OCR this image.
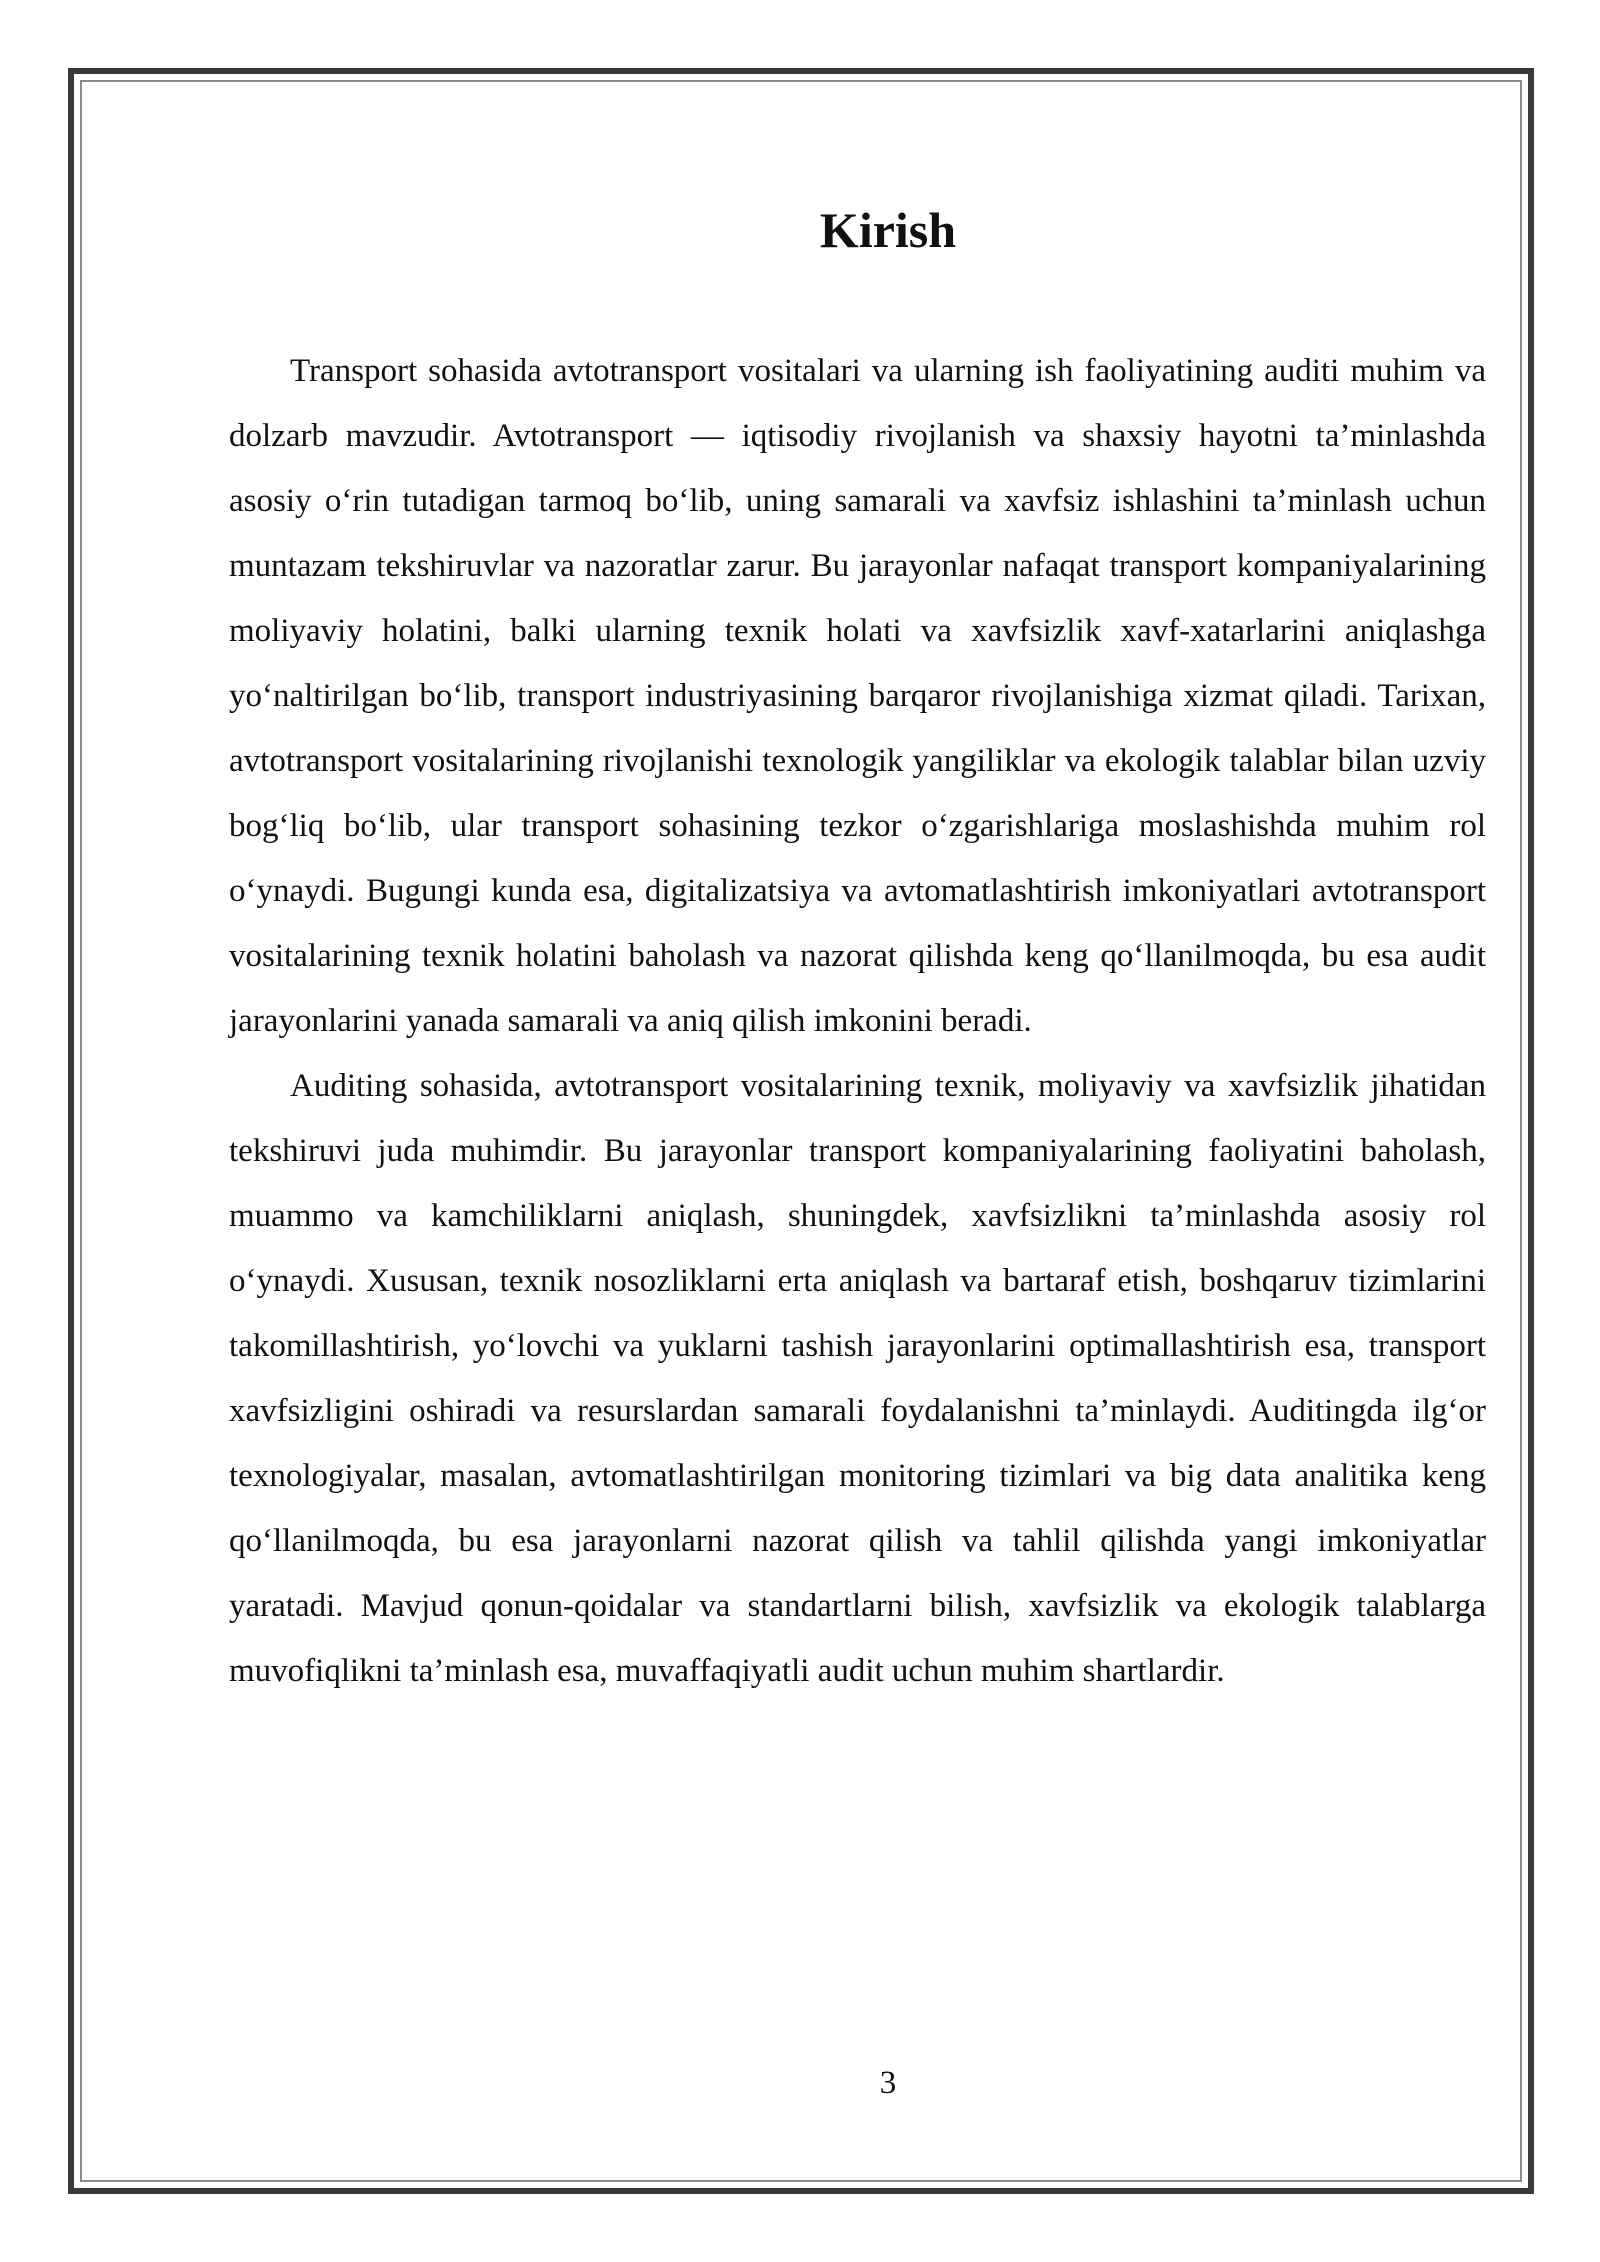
Kirish

Transport sohasida avtotransport vositalari va ularning ish faoliyatining auditi muhim va dolzarb mavzudir. Avtotransport — iqtisodiy rivojlanish va shaxsiy hayotni ta’minlashda asosiy o‘rin tutadigan tarmoq bo‘lib, uning samarali va xavfsiz ishlashini ta’minlash uchun muntazam tekshiruvlar va nazoratlar zarur. Bu jarayonlar nafaqat transport kompaniyalarining moliyaviy holatini, balki ularning texnik holati va xavfsizlik xavf-xatarlarini aniqlashga yo‘naltirilgan bo‘lib, transport industriyasining barqaror rivojlanishiga xizmat qiladi. Tarixan, avtotransport vositalarining rivojlanishi texnologik yangiliklar va ekologik talablar bilan uzviy bog‘liq bo‘lib, ular transport sohasining tezkor o‘zgarishlariga moslashishda muhim rol o‘ynaydi. Bugungi kunda esa, digitalizatsiya va avtomatlashtirish imkoniyatlari avtotransport vositalarining texnik holatini baholash va nazorat qilishda keng qo‘llanilmoqda, bu esa audit jarayonlarini yanada samarali va aniq qilish imkonini beradi.

Auditing sohasida, avtotransport vositalarining texnik, moliyaviy va xavfsizlik jihatidan tekshiruvi juda muhimdir. Bu jarayonlar transport kompaniyalarining faoliyatini baholash, muammo va kamchiliklarni aniqlash, shuningdek, xavfsizlikni ta’minlashda asosiy rol o‘ynaydi. Xususan, texnik nosozliklarni erta aniqlash va bartaraf etish, boshqaruv tizimlarini takomillashtirish, yo‘lovchi va yuklarni tashish jarayonlarini optimallashtirish esa, transport xavfsizligini oshiradi va resurslardan samarali foydalanishni ta’minlaydi. Auditingda ilg‘or texnologiyalar, masalan, avtomatlashtirilgan monitoring tizimlari va big data analitika keng qo‘llanilmoqda, bu esa jarayonlarni nazorat qilish va tahlil qilishda yangi imkoniyatlar yaratadi. Mavjud qonun-qoidalar va standartlarni bilish, xavfsizlik va ekologik talablarga muvofiqlikni ta’minlash esa, muvaffaqiyatli audit uchun muhim shartlardir.

3
